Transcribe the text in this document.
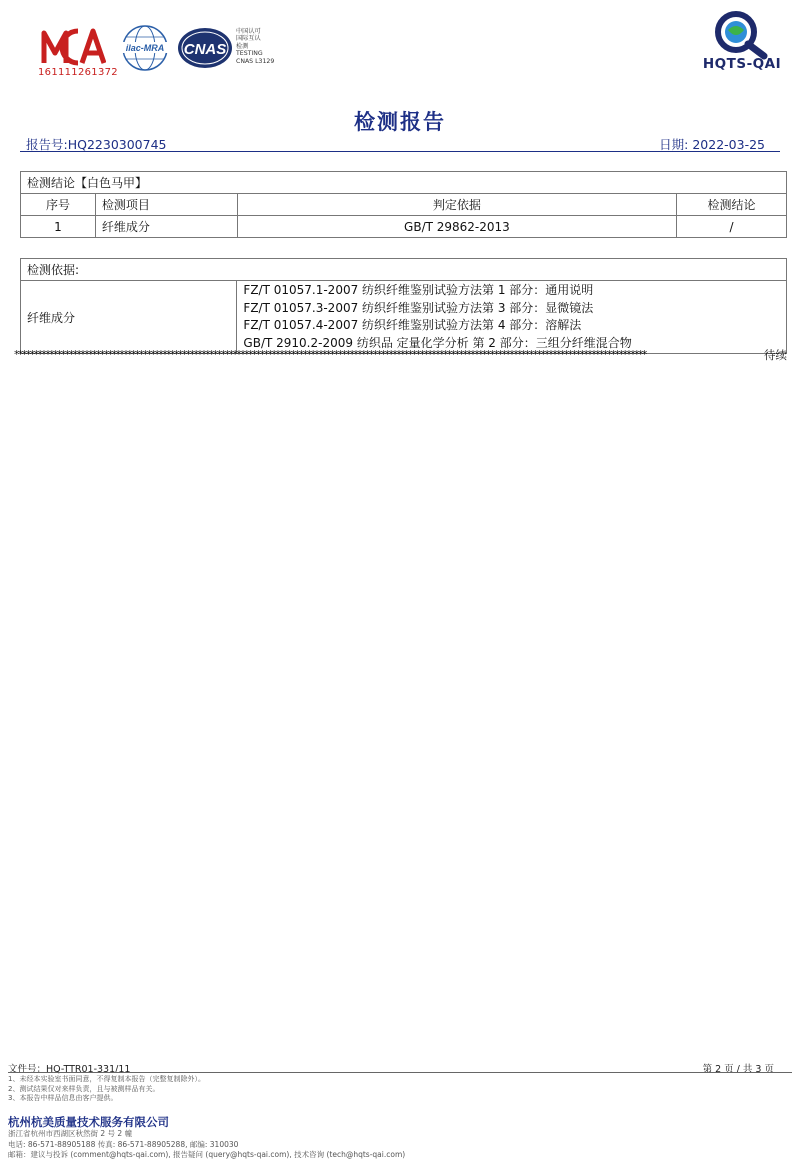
161111261372
ilac-MRA CNAS
中国认可
国际互认
检测
TESTING
CNAS L3129	HQTS-QAI
检测报告
报告号:HQ2230300745	日期: 2022-03-25
检测结论【白色马甲】			
序号	检测项目	判定依据	检测结论
1	纤维成分	GB/T 29862-2013	/
检测依据:
纤维成分	
FZ/T 01057.1-2007 纺织纤维鉴别试验方法第 1 部分：通用说明
FZ/T 01057.3-2007 纺织纤维鉴别试验方法第 3 部分：显微镜法
FZ/T 01057.4-2007 纺织纤维鉴别试验方法第 4 部分：溶解法
GB/T 2910.2-2009 纺织品 定量化学分析 第 2 部分：三组分纤维混合物
******************************************************************************************************************************************************************	待续
文件号：HQ-TTR01-331/11	第 2 页 / 共 3 页
1、未经本实验室书面同意，不得复制本报告（完整复制除外）。
2、测试结果仅对来样负责，且与被测样品有关。
3、本报告中样品信息由客户提供。
杭州杭美质量技术服务有限公司
浙江省杭州市西湖区秋然街 2 号 2 幢
电话: 86-571-88905188 传真: 86-571-88905288, 邮编: 310030
邮箱：建议与投诉 (comment@hqts-qai.com), 报告疑问 (query@hqts-qai.com), 技术咨询 (tech@hqts-qai.com)
